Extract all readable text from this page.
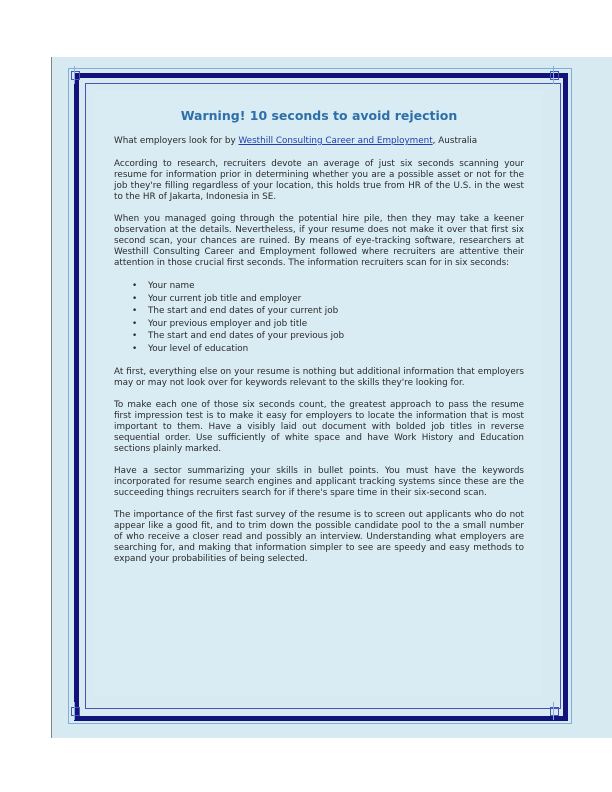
Warning! 10 seconds to avoid rejection

What employers look for by Westhill Consulting Career and Employment, Australia

According to research, recruiters devote an average of just six seconds scanning your resume for information prior in determining whether you are a possible asset or not for the job they're filling regardless of your location, this holds true from HR of the U.S. in the west to the HR of Jakarta, Indonesia in SE.

When you managed going through the potential hire pile, then they may take a keener observation at the details. Nevertheless, if your resume does not make it over that first six second scan, your chances are ruined. By means of eye-tracking software, researchers at Westhill Consulting Career and Employment followed where recruiters are attentive their attention in those crucial first seconds. The information recruiters scan for in six seconds:

• Your name
• Your current job title and employer
• The start and end dates of your current job
• Your previous employer and job title
• The start and end dates of your previous job
• Your level of education

At first, everything else on your resume is nothing but additional information that employers may or may not look over for keywords relevant to the skills they're looking for.

To make each one of those six seconds count, the greatest approach to pass the resume first impression test is to make it easy for employers to locate the information that is most important to them. Have a visibly laid out document with bolded job titles in reverse sequential order. Use sufficiently of white space and have Work History and Education sections plainly marked.

Have a sector summarizing your skills in bullet points. You must have the keywords incorporated for resume search engines and applicant tracking systems since these are the succeeding things recruiters search for if there's spare time in their six-second scan.

The importance of the first fast survey of the resume is to screen out applicants who do not appear like a good fit, and to trim down the possible candidate pool to the a small number of who receive a closer read and possibly an interview. Understanding what employers are searching for, and making that information simpler to see are speedy and easy methods to expand your probabilities of being selected.
